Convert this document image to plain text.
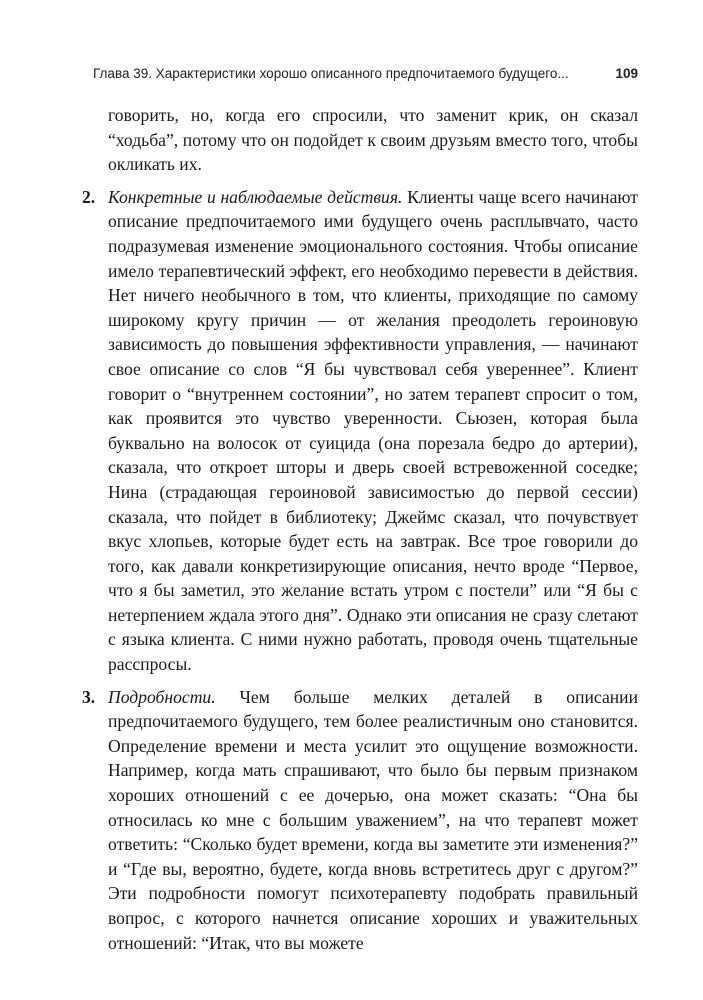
Глава 39. Характеристики хорошо описанного предпочитаемого будущего...	109

говорить, но, когда его спросили, что заменит крик, он сказал “ходьба”, потому что он подойдет к своим друзьям вместо того, чтобы окликать их.

2. Конкретные и наблюдаемые действия. Клиенты чаще всего начинают описание предпочитаемого ими будущего очень расплывчато, часто подразумевая изменение эмоционального состояния. Чтобы описание имело терапевтический эффект, его необходимо перевести в действия. Нет ничего необычного в том, что клиенты, приходящие по самому широкому кругу причин — от желания преодолеть героиновую зависимость до повышения эффективности управления, — начинают свое описание со слов “Я бы чувствовал себя увереннее”. Клиент говорит о “внутреннем состоянии”, но затем терапевт спросит о том, как проявится это чувство уверенности. Сьюзен, которая была буквально на волосок от суицида (она порезала бедро до артерии), сказала, что откроет шторы и дверь своей встревоженной соседке; Нина (страдающая героиновой зависимостью до первой сессии) сказала, что пойдет в библиотеку; Джеймс сказал, что почувствует вкус хлопьев, которые будет есть на завтрак. Все трое говорили до того, как давали конкретизирующие описания, нечто вроде “Первое, что я бы заметил, это желание встать утром с постели” или “Я бы с нетерпением ждала этого дня”. Однако эти описания не сразу слетают с языка клиента. С ними нужно работать, проводя очень тщательные расспросы.

3. Подробности. Чем больше мелких деталей в описании предпочитаемого будущего, тем более реалистичным оно становится. Определение времени и места усилит это ощущение возможности. Например, когда мать спрашивают, что было бы первым признаком хороших отношений с ее дочерью, она может сказать: “Она бы относилась ко мне с большим уважением”, на что терапевт может ответить: “Сколько будет времени, когда вы заметите эти изменения?” и “Где вы, вероятно, будете, когда вновь встретитесь друг с другом?” Эти подробности помогут психотерапевту подобрать правильный вопрос, с которого начнется описание хороших и уважительных отношений: “Итак, что вы можете
